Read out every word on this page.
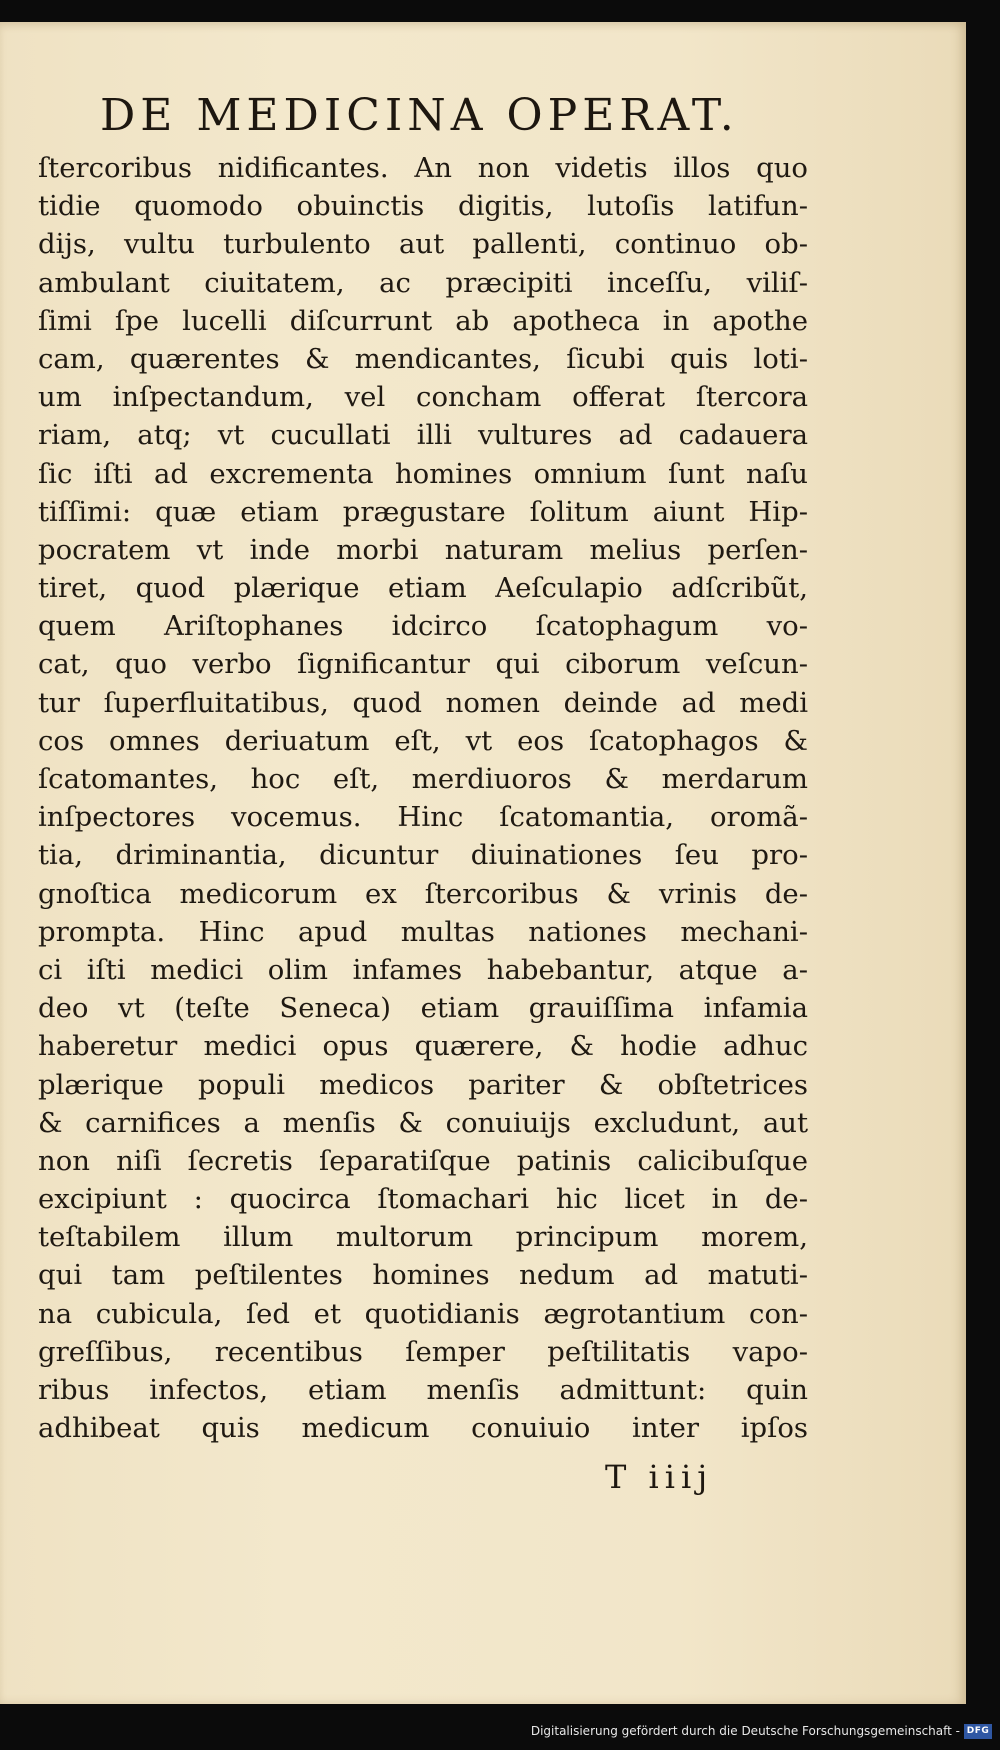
DE MEDICINA OPERAT.
ſtercoribus nidificantes. An non videtis illos quo
tidie quomodo obuinctis digitis, lutoſis latifun-
dijs, vultu turbulento aut pallenti, continuo ob-
ambulant ciuitatem, ac præcipiti inceſſu, viliſ-
ſimi ſpe lucelli diſcurrunt ab apotheca in apothe
cam, quærentes & mendicantes, ſicubi quis loti-
um inſpectandum, vel concham offerat ſtercora
riam, atq; vt cucullati illi vultures ad cadauera
ſic iſti ad excrementa homines omnium ſunt naſu
tiſſimi: quæ etiam prægustare ſolitum aiunt Hip-
pocratem vt inde morbi naturam melius perſen-
tiret, quod plærique etiam Aeſculapio adſcribũt,
quem Ariſtophanes idcirco ſcatophagum vo-
cat, quo verbo ſignificantur qui ciborum veſcun-
tur ſuperfluitatibus, quod nomen deinde ad medi
cos omnes deriuatum eſt, vt eos ſcatophagos &
ſcatomantes, hoc eſt, merdiuoros & merdarum
inſpectores vocemus. Hinc ſcatomantia, oromã-
tia, driminantia, dicuntur diuinationes ſeu pro-
gnoſtica medicorum ex ſtercoribus & vrinis de-
prompta. Hinc apud multas nationes mechani-
ci iſti medici olim infames habebantur, atque a-
deo vt (teſte Seneca) etiam grauiſſima infamia
haberetur medici opus quærere, & hodie adhuc
plærique populi medicos pariter & obſtetrices
& carnifices a menſis & conuiuijs excludunt, aut
non niſi ſecretis ſeparatiſque patinis calicibuſque
excipiunt : quocirca ſtomachari hic licet in de-
teſtabilem illum multorum principum morem,
qui tam peſtilentes homines nedum ad matuti-
na cubicula, ſed et quotidianis ægrotantium con-
greſſibus, recentibus ſemper peſtilitatis vapo-
ribus infectos, etiam menſis admittunt: quin
adhibeat quis medicum conuiuio inter ipſos
T iiij
Digitalisierung gefördert durch die Deutsche Forschungsgemeinschaft - DFG
